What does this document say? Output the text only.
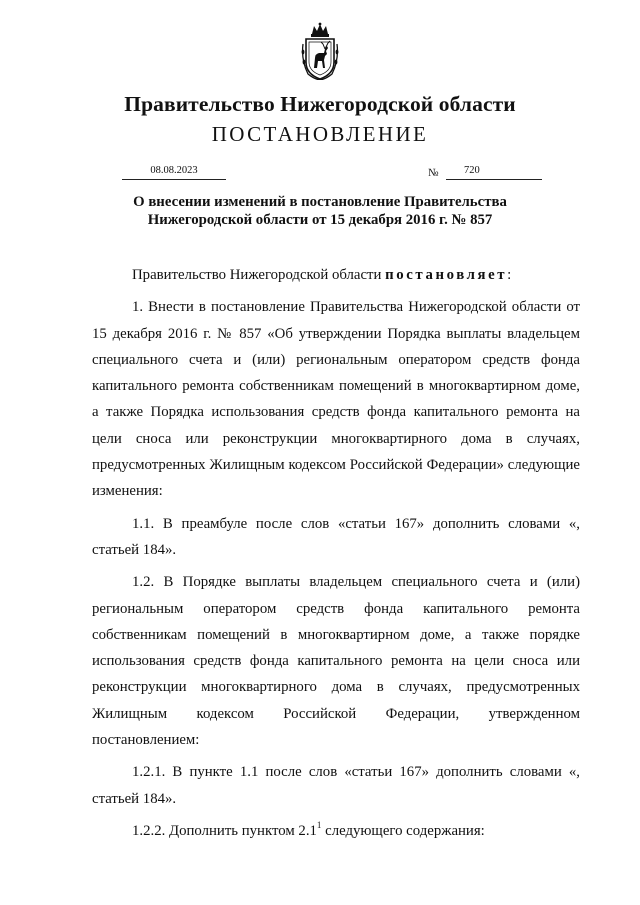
Правительство Нижегородской области
ПОСТАНОВЛЕНИЕ
08.08.2023	№	720
О внесении изменений в постановление Правительства
Нижегородской области от 15 декабря 2016 г. № 857

Правительство Нижегородской области постановляет:

1. Внести в постановление Правительства Нижегородской области от 15 декабря 2016 г. № 857 «Об утверждении Порядка выплаты владельцем специального счета и (или) региональным оператором средств фонда капитального ремонта собственникам помещений в многоквартирном доме, а также Порядка использования средств фонда капитального ремонта на цели сноса или реконструкции многоквартирного дома в случаях, предусмотренных Жилищным кодексом Российской Федерации» следующие изменения:

1.1. В преамбуле после слов «статьи 167» дополнить словами «, статьей 184».

1.2. В Порядке выплаты владельцем специального счета и (или) региональным оператором средств фонда капитального ремонта собственникам помещений в многоквартирном доме, а также порядке использования средств фонда капитального ремонта на цели сноса или реконструкции многоквартирного дома в случаях, предусмотренных Жилищным кодексом Российской Федерации, утвержденном постановлением:

1.2.1. В пункте 1.1 после слов «статьи 167» дополнить словами «, статьей 184».

1.2.2. Дополнить пунктом $2.1^1$ следующего содержания:
